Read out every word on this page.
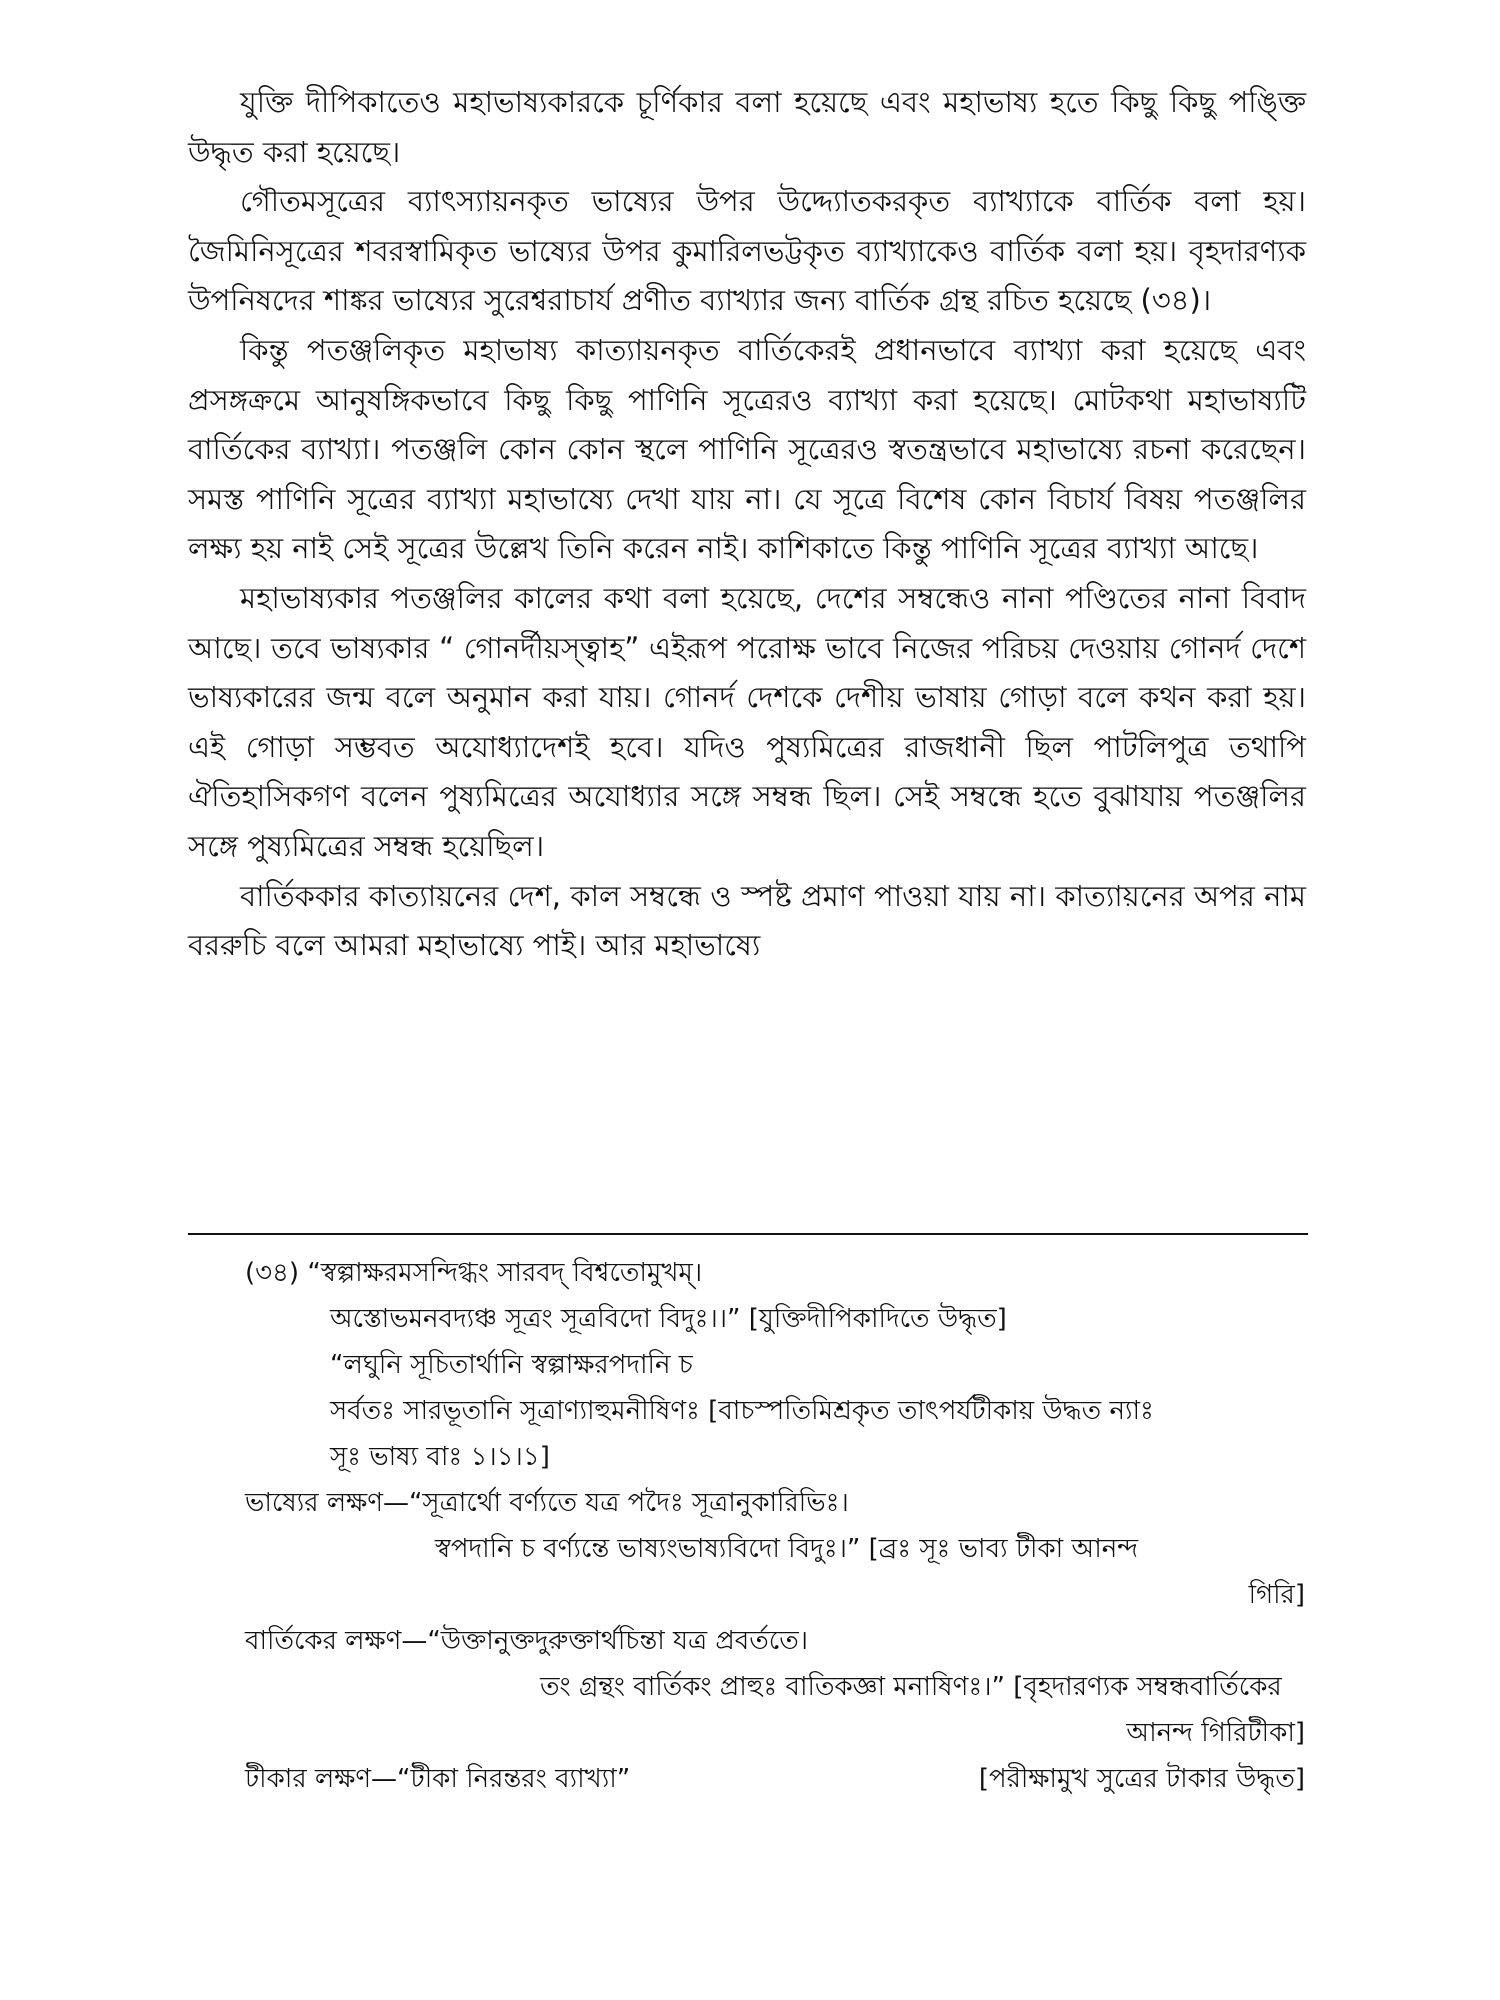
যুক্তি দীপিকাতেও মহাভাষ্যকারকে চূর্ণিকার বলা হয়েছে এবং মহাভাষ্য হতে কিছু কিছু পঙ্ক্তি উদ্ধৃত করা হয়েছে।

গৌতমসূত্রের ব্যাৎস্যায়নকৃত ভাষ্যের উপর উদ্দ্যোতকরকৃত ব্যাখ্যাকে বার্তিক বলা হয়। জৈমিনিসূত্রের শবরস্বামিকৃত ভাষ্যের উপর কুমারিলভট্টকৃত ব্যাখ্যাকেও বার্তিক বলা হয়। বৃহদারণ্যক উপনিষদের শাঙ্কর ভাষ্যের সুরেশ্বরাচার্য প্রণীত ব্যাখ্যার জন্য বার্তিক গ্রন্থ রচিত হয়েছে (৩৪)।

কিন্তু পতঞ্জলিকৃত মহাভাষ্য কাত্যায়নকৃত বার্তিকেরই প্রধানভাবে ব্যাখ্যা করা হয়েছে এবং প্রসঙ্গক্রমে আনুষঙ্গিকভাবে কিছু কিছু পাণিনি সূত্রেরও ব্যাখ্যা করা হয়েছে। মোটকথা মহাভাষ্যটি বার্তিকের ব্যাখ্যা। পতঞ্জলি কোন কোন স্থলে পাণিনি সূত্রেরও স্বতন্ত্রভাবে মহাভাষ্যে রচনা করেছেন। সমস্ত পাণিনি সূত্রের ব্যাখ্যা মহাভাষ্যে দেখা যায় না। যে সূত্রে বিশেষ কোন বিচার্য বিষয় পতঞ্জলির লক্ষ্য হয় নাই সেই সূত্রের উল্লেখ তিনি করেন নাই। কাশিকাতে কিন্তু পাণিনি সূত্রের ব্যাখ্যা আছে।

মহাভাষ্যকার পতঞ্জলির কালের কথা বলা হয়েছে, দেশের সম্বন্ধেও নানা পণ্ডিতের নানা বিবাদ আছে। তবে ভাষ্যকার “ গোনর্দীয়স্ত্বাহ” এইরূপ পরোক্ষ ভাবে নিজের পরিচয় দেওয়ায় গোনর্দ দেশে ভাষ্যকারের জন্ম বলে অনুমান করা যায়। গোনর্দ দেশকে দেশীয় ভাষায় গোড়া বলে কথন করা হয়। এই গোড়া সম্ভবত অযোধ্যাদেশই হবে। যদিও পুষ্যমিত্রের রাজধানী ছিল পাটলিপুত্র তথাপি ঐতিহাসিকগণ বলেন পুষ্যমিত্রের অযোধ্যার সঙ্গে সম্বন্ধ ছিল। সেই সম্বন্ধে হতে বুঝাযায় পতঞ্জলির সঙ্গে পুষ্যমিত্রের সম্বন্ধ হয়েছিল।

বার্তিককার কাত্যায়নের দেশ, কাল সম্বন্ধে ও স্পষ্ট প্রমাণ পাওয়া যায় না। কাত্যায়নের অপর নাম বররুচি বলে আমরা মহাভাষ্যে পাই। আর মহাভাষ্যে

(৩৪) “স্বল্পাক্ষরমসন্দিগ্ধং সারবদ্ বিশ্বতোমুখম্।
অস্তোভমনবদ্যঞ্চ সূত্রং সূত্রবিদো বিদুঃ।।” [যুক্তিদীপিকাদিতে উদ্ধৃত]
“লঘুনি সূচিতার্থানি স্বল্পাক্ষরপদানি চ
সর্বতঃ সারভূতানি সূত্রাণ্যাহুমনীষিণঃ [বাচস্পতিমিশ্রকৃত তাৎপর্যটীকায় উদ্ধত ন্যাঃ
সূঃ ভাষ্য বাঃ ১।১।১]
ভাষ্যের লক্ষণ—“সূত্রার্থো বর্ণ্যতে যত্র পদৈঃ সূত্রানুকারিভিঃ।
স্বপদানি চ বর্ণ্যন্তে ভাষ্যংভাষ্যবিদো বিদুঃ।” [ব্রঃ সূঃ ভাব্য টীকা আনন্দ
গিরি]
বার্তিকের লক্ষণ—“উক্তানুক্তদুরুক্তার্থচিন্তা যত্র প্রবর্ততে।
তং গ্রন্থং বার্তিকং প্রাহুঃ বাতিকজ্ঞা মনাষিণঃ।” [বৃহদারণ্যক সম্বন্ধবার্তিকের
আনন্দ গিরিটীকা]
টীকার লক্ষণ—“টীকা নিরন্তরং ব্যাখ্যা”	[পরীক্ষামুখ সুত্রের টাকার উদ্ধৃত]
